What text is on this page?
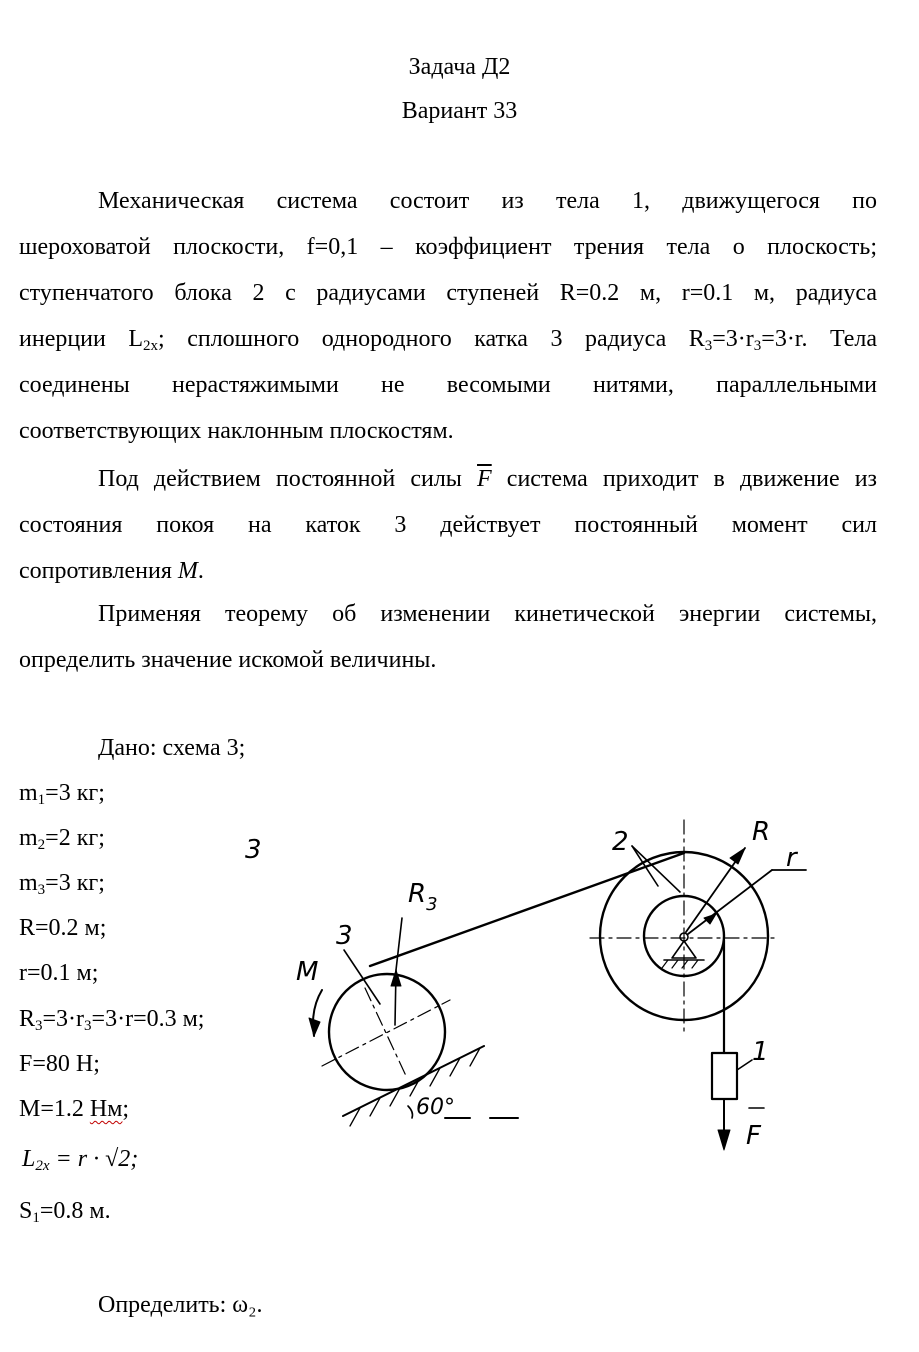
Задача Д2
Вариант 33
Механическая система состоит из тела 1, движущегося по
шероховатой плоскости, f=0,1 – коэффициент трения тела о плоскость;
ступенчатого блока 2 с радиусами ступеней R=0.2 м, r=0.1 м, радиуса
инерции $L_{2x}$; сплошного однородного катка 3 радиуса $R_3=3\cdot r_3=3\cdot r$. Тела
соединены нерастяжимыми не весомыми нитями, параллельными
соответствующих наклонным плоскостям.
Под действием постоянной силы $\overline{F}$ система приходит в движение из
состояния покоя на каток 3 действует постоянный момент сил
сопротивления M.
Применяя теорему об изменении кинетической энергии системы,
определить значение искомой величины.
Дано: схема 3;
$m_1=3$ кг;
$m_2=2$ кг;
$m_3=3$ кг;
R=0.2 м;
r=0.1 м;
$R_3=3\cdot r_3=3\cdot r=0.3$ м;
F=80 Н;
M=1.2 Нм;
$L_{2x} = r \cdot √2$;
$S_1=0.8$ м.
Определить: ω₂.
3
$R_3$
3
M
60°
2	R
r
1
F
